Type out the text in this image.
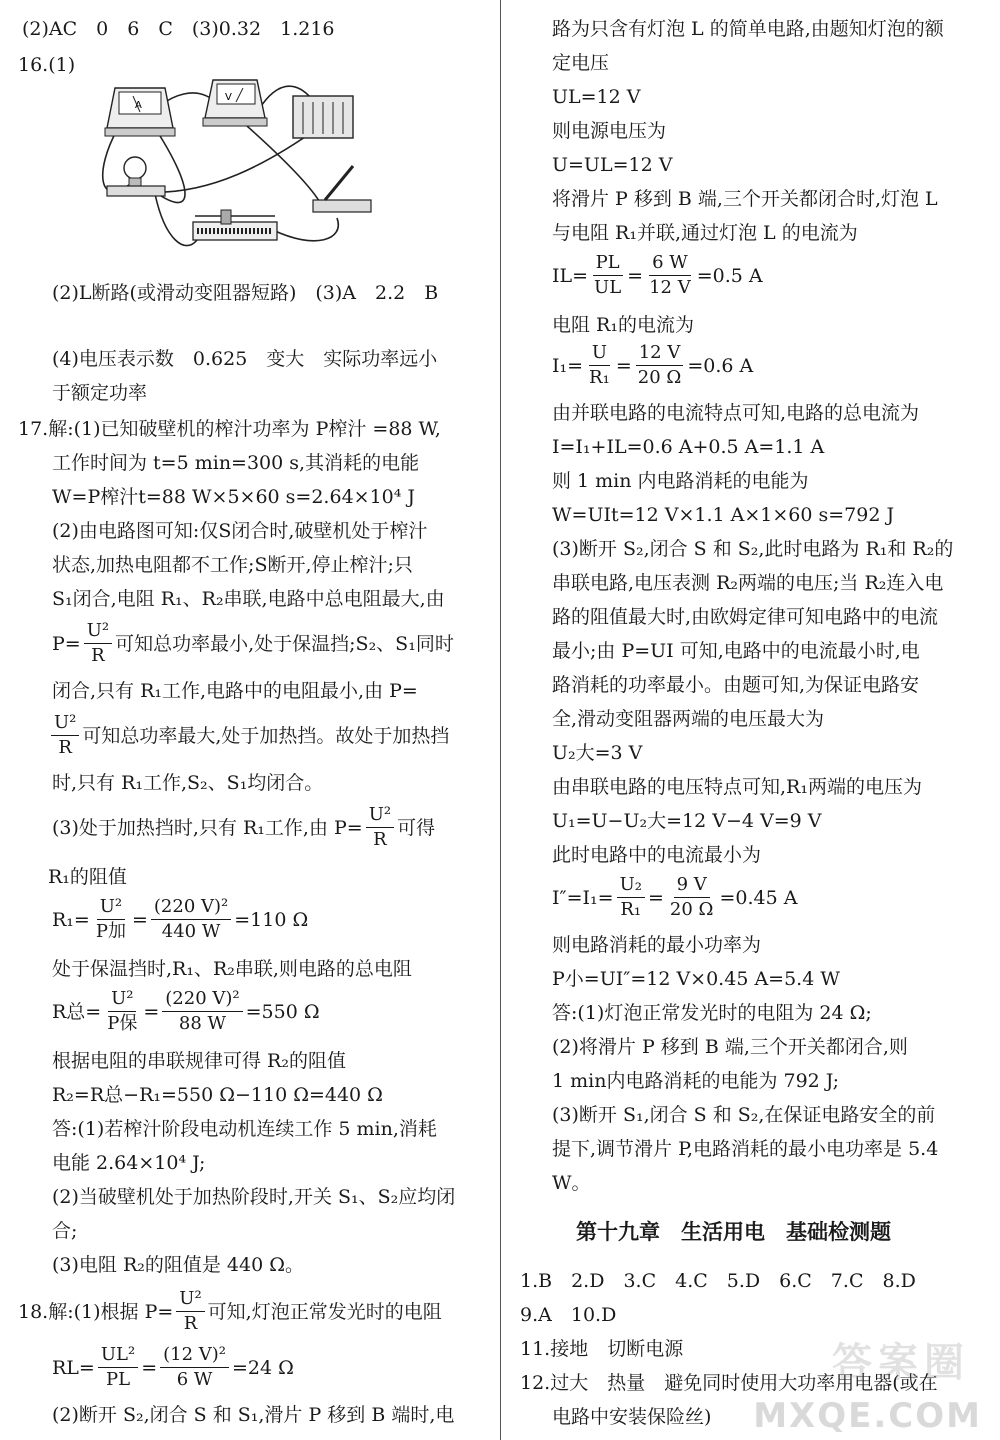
(2)AC　0　6　C　(3)0.32　1.216
16.(1)
A
V
(2)L断路(或滑动变阻器短路)　(3)A　2.2　B
(4)电压表示数　0.625　变大　实际功率远小
于额定功率
17.解:(1)已知破壁机的榨汁功率为 P榨汁 =88 W,
工作时间为 t=5 min=300 s,其消耗的电能
W=P榨汁t=88 W×5×60 s=2.64×10⁴ J
(2)由电路图可知:仅S闭合时,破壁机处于榨汁
状态,加热电阻都不工作;S断开,停止榨汁;只
S₁闭合,电阻 R₁、R₂串联,电路中总电阻最大,由
$P= \frac{\text{U²}}{R}$ 可知总功率最小,处于保温挡;S₂、S₁同时
闭合,只有 R₁工作,电路中的电阻最小,由 P=
$\frac{\text{U²}}{R}$ 可知总功率最大,处于加热挡。故处于加热挡
时,只有 R₁工作,S₂、S₁均闭合。
(3)处于加热挡时,只有 R₁工作,由 $P= \frac{\text{U²}}{R}$ 可得
R₁的阻值
$R_1= \frac{\text{U²}}{\text{P加}} = \frac{\text{(220 V)²}}{440 W} =110$ Ω
处于保温挡时,R₁、R₂串联,则电路的总电阻
R总= $\frac{\text{U²}}{\text{P保}} = \frac{\text{(220 V)²}}{88 W} =550$ Ω
根据电阻的串联规律可得 R₂的阻值
R₂=R总−R₁=550 Ω−110 Ω=440 Ω
答:(1)若榨汁阶段电动机连续工作 5 min,消耗
电能 2.64×10⁴ J;
(2)当破壁机处于加热阶段时,开关 S₁、S₂应均闭
合;
(3)电阻 R₂的阻值是 440 Ω。
18.解:(1)根据 $P= \frac{\text{U²}}{R}$ 可知,灯泡正常发光时的电阻
$RL= \frac{\text{UL²}}{PL} = \frac{\text{(12 V)²}}{6 W} =24$ Ω
(2)断开 S₂,闭合 S 和 S₁,滑片 P 移到 B 端时,电
路为只含有灯泡 L 的简单电路,由题知灯泡的额
定电压
UL=12 V
则电源电压为
U=UL=12 V
将滑片 P 移到 B 端,三个开关都闭合时,灯泡 L
与电阻 R₁并联,通过灯泡 L 的电流为
$IL= \frac{PL}{UL} = \frac{6 W}{12 V} =0.5$ A
电阻 R₁的电流为
$I_1= \frac{U}{\text{R₁}} = \frac{12 V}{20 \Omega} =0.6$ A
由并联电路的电流特点可知,电路的总电流为
I=I₁+IL=0.6 A+0.5 A=1.1 A
则 1 min 内电路消耗的电能为
W=UIt=12 V×1.1 A×1×60 s=792 J
(3)断开 S₂,闭合 S 和 S₂,此时电路为 R₁和 R₂的
串联电路,电压表测 R₂两端的电压;当 R₂连入电
路的阻值最大时,由欧姆定律可知电路中的电流
最小;由 P=UI 可知,电路中的电流最小时,电
路消耗的功率最小。由题可知,为保证电路安
全,滑动变阻器两端的电压最大为
U₂大=3 V
由串联电路的电压特点可知,R₁两端的电压为
U₁=U−U₂大=12 V−4 V=9 V
此时电路中的电流最小为
$I''=I_1= \frac{\text{U₂}}{\text{R₁}} = \frac{9 V}{20 \Omega} =0.45$ A
则电路消耗的最小功率为
P小=UI″=12 V×0.45 A=5.4 W
答:(1)灯泡正常发光时的电阻为 24 Ω;
(2)将滑片 P 移到 B 端,三个开关都闭合,则
1 min内电路消耗的电能为 792 J;
(3)断开 S₁,闭合 S 和 S₂,在保证电路安全的前
提下,调节滑片 P,电路消耗的最小电功率是 5.4
W。
第十九章　生活用电　基础检测题
1.B　2.D　3.C　4.C　5.D　6.C　7.C　8.D
9.A　10.D
11.接地　切断电源
12.过大　热量　避免同时使用大功率用电器(或在
电路中安装保险丝)
答案圈
MXQE.COM
